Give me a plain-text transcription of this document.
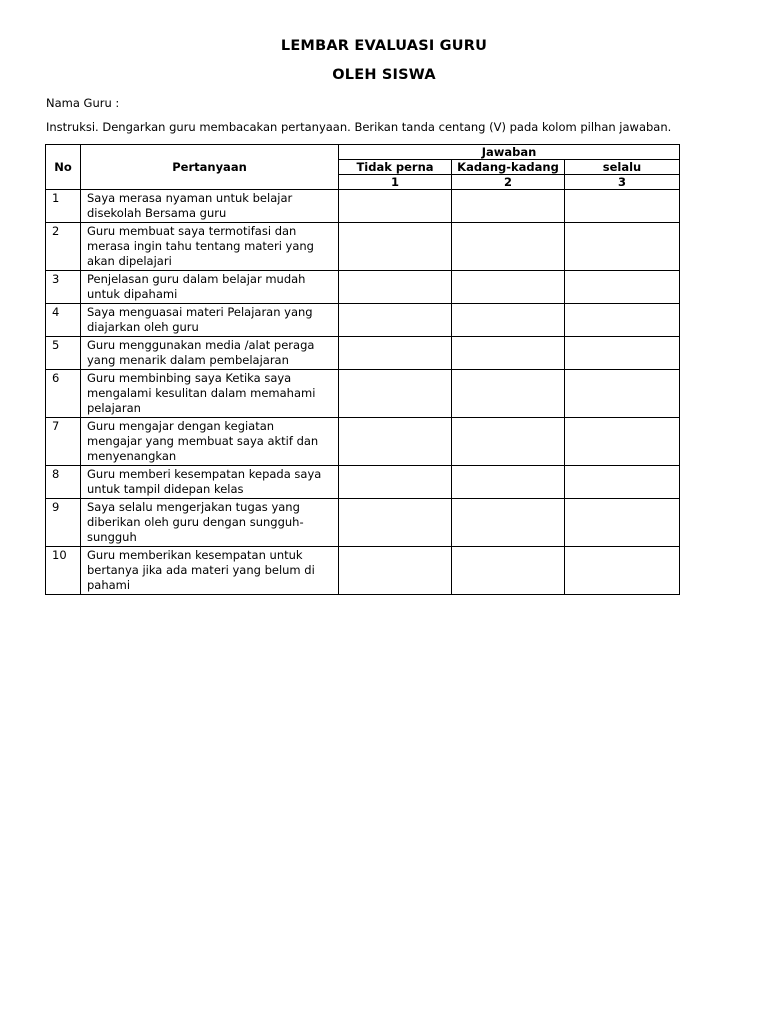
LEMBAR EVALUASI GURU
OLEH SISWA
Nama Guru :
Instruksi. Dengarkan guru membacakan pertanyaan. Berikan tanda centang (V) pada kolom pilhan jawaban.
No	Pertanyaan	Jawaban		
		Tidak perna	Kadang-kadang	selalu
		1	2	3
1	Saya merasa nyaman untuk belajar disekolah Bersama guru			
2	Guru membuat saya termotifasi dan merasa ingin tahu tentang materi yang akan dipelajari			
3	Penjelasan guru dalam belajar mudah untuk dipahami			
4	Saya menguasai materi Pelajaran yang diajarkan oleh guru			
5	Guru menggunakan media /alat peraga yang menarik dalam pembelajaran			
6	Guru membinbing saya Ketika saya mengalami kesulitan dalam memahami pelajaran			
7	Guru mengajar dengan kegiatan mengajar yang membuat saya aktif dan menyenangkan			
8	Guru memberi kesempatan kepada saya untuk tampil didepan kelas			
9	Saya selalu mengerjakan tugas yang diberikan oleh guru dengan sungguh-sungguh			
10	Guru memberikan kesempatan untuk bertanya jika ada materi yang belum di pahami			
